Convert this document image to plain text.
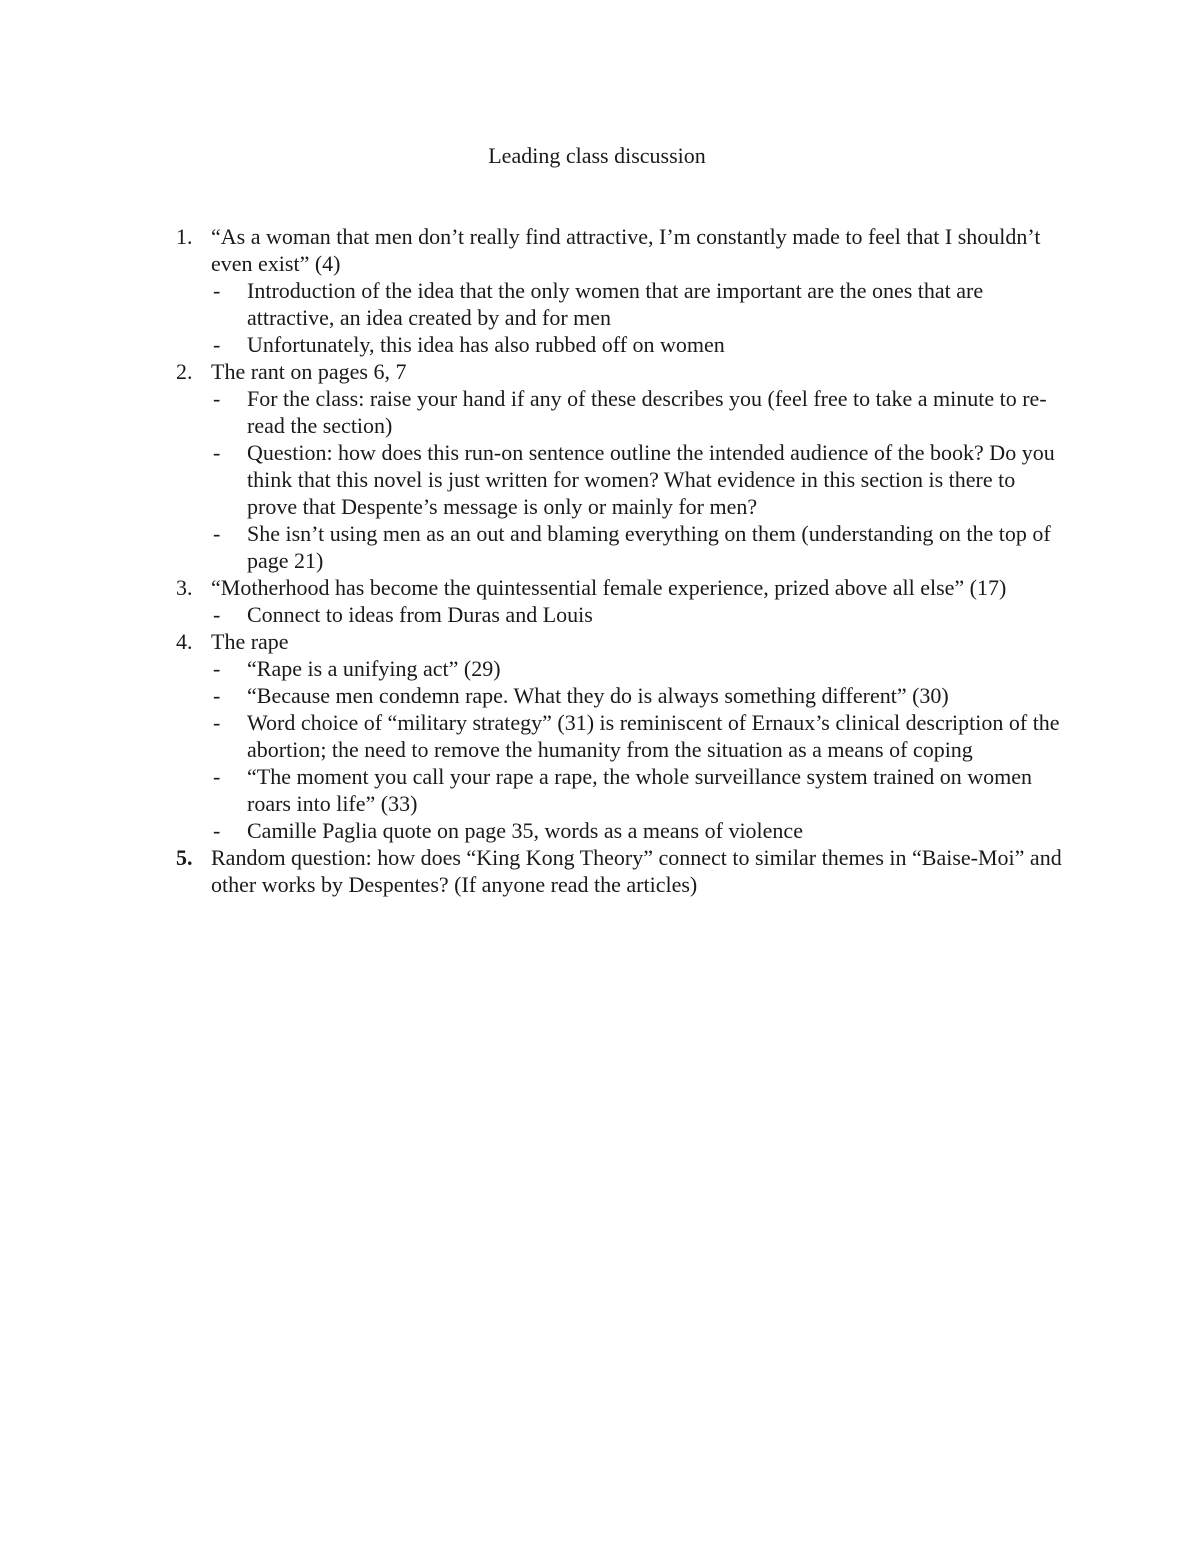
Leading class discussion
1. “As a woman that men don’t really find attractive, I’m constantly made to feel that I shouldn’t even exist” (4)
- Introduction of the idea that the only women that are important are the ones that are attractive, an idea created by and for men
- Unfortunately, this idea has also rubbed off on women
2. The rant on pages 6, 7
- For the class: raise your hand if any of these describes you (feel free to take a minute to re-read the section)
- Question: how does this run-on sentence outline the intended audience of the book? Do you think that this novel is just written for women? What evidence in this section is there to prove that Despente’s message is only or mainly for men?
- She isn’t using men as an out and blaming everything on them (understanding on the top of page 21)
3. “Motherhood has become the quintessential female experience, prized above all else” (17)
- Connect to ideas from Duras and Louis
4. The rape
- “Rape is a unifying act” (29)
- “Because men condemn rape. What they do is always something different” (30)
- Word choice of “military strategy” (31) is reminiscent of Ernaux’s clinical description of the abortion; the need to remove the humanity from the situation as a means of coping
- “The moment you call your rape a rape, the whole surveillance system trained on women roars into life” (33)
- Camille Paglia quote on page 35, words as a means of violence
5. Random question: how does “King Kong Theory” connect to similar themes in “Baise-Moi” and other works by Despentes? (If anyone read the articles)
